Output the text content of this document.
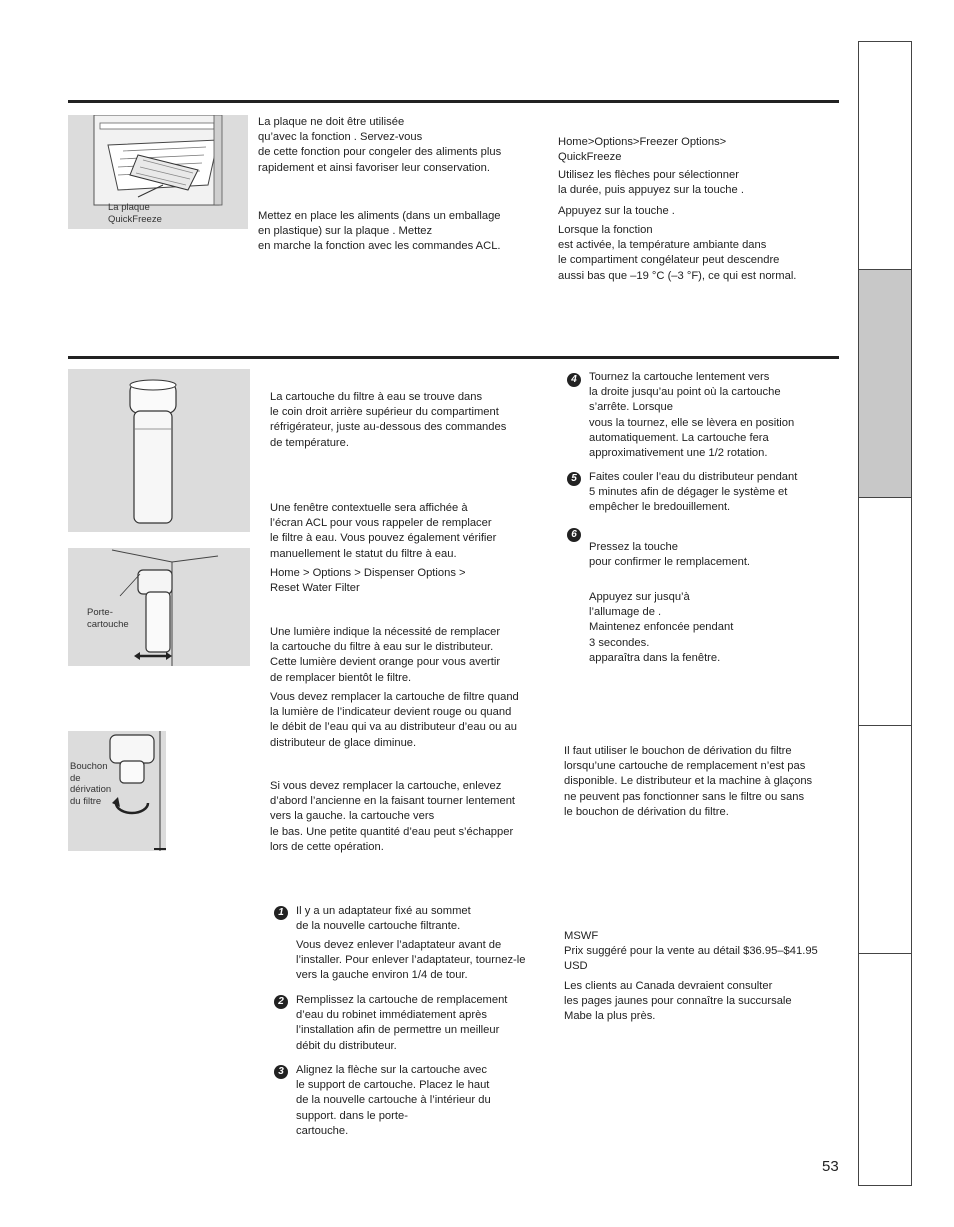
La plaque
QuickFreeze

La plaque ne doit être utilisée
qu’avec la fonction . Servez-vous
de cette fonction pour congeler des aliments plus
rapidement et ainsi favoriser leur conservation.

Mettez en place les aliments (dans un emballage
en plastique) sur la plaque . Mettez
en marche la fonction avec les commandes ACL.

Home>Options>Freezer Options>
QuickFreeze

Utilisez les flèches pour sélectionner
la durée, puis appuyez sur la touche .

Appuyez sur la touche .

Lorsque la fonction
est activée, la température ambiante dans
le compartiment congélateur peut descendre
aussi bas que –19 °C (–3 °F), ce qui est normal.

Porte-
cartouche
Bouchon
de
dérivation
du filtre

La cartouche du filtre à eau se trouve dans
le coin droit arrière supérieur du compartiment
réfrigérateur, juste au-dessous des commandes
de température.

Une fenêtre contextuelle sera affichée à
l’écran ACL pour vous rappeler de remplacer
le filtre à eau. Vous pouvez également vérifier
manuellement le statut du filtre à eau.

Home > Options > Dispenser Options >
Reset Water Filter

Une lumière indique la nécessité de remplacer
la cartouche du filtre à eau sur le distributeur.
Cette lumière devient orange pour vous avertir
de remplacer bientôt le filtre.

Vous devez remplacer la cartouche de filtre quand
la lumière de l’indicateur devient rouge ou quand
le débit de l’eau qui va au distributeur d’eau ou au
distributeur de glace diminue.

Si vous devez remplacer la cartouche, enlevez
d’abord l’ancienne en la faisant tourner lentement
vers la gauche. la cartouche vers
le bas. Une petite quantité d’eau peut s’échapper
lors de cette opération.

1	Il y a un adaptateur fixé au sommet
de la nouvelle cartouche filtrante.

Vous devez enlever l’adaptateur avant de
l’installer. Pour enlever l’adaptateur, tournez-le
vers la gauche environ 1/4 de tour.

2	Remplissez la cartouche de remplacement
d’eau du robinet immédiatement après
l’installation afin de permettre un meilleur
débit du distributeur.

3	Alignez la flèche sur la cartouche avec
le support de cartouche. Placez le haut
de la nouvelle cartouche à l’intérieur du
support. dans le porte-
cartouche.

4	Tournez la cartouche lentement vers
la droite jusqu’au point où la cartouche
s’arrête. Lorsque
vous la tournez, elle se lèvera en position
automatiquement. La cartouche fera
approximativement une 1/2 rotation.

5	Faites couler l’eau du distributeur pendant
5 minutes afin de dégager le système et
empêcher le bredouillement.

6

Pressez la touche
pour confirmer le remplacement.

Appuyez sur jusqu’à
l’allumage de .
Maintenez enfoncée pendant
3 secondes.
apparaîtra dans la fenêtre.

Il faut utiliser le bouchon de dérivation du filtre
lorsqu’une cartouche de remplacement n’est pas
disponible. Le distributeur et la machine à glaçons
ne peuvent pas fonctionner sans le filtre ou sans
le bouchon de dérivation du filtre.

MSWF

Prix suggéré pour la vente au détail $36.95–$41.95
USD

Les clients au Canada devraient consulter
les pages jaunes pour connaître la succursale
Mabe la plus près.

53
